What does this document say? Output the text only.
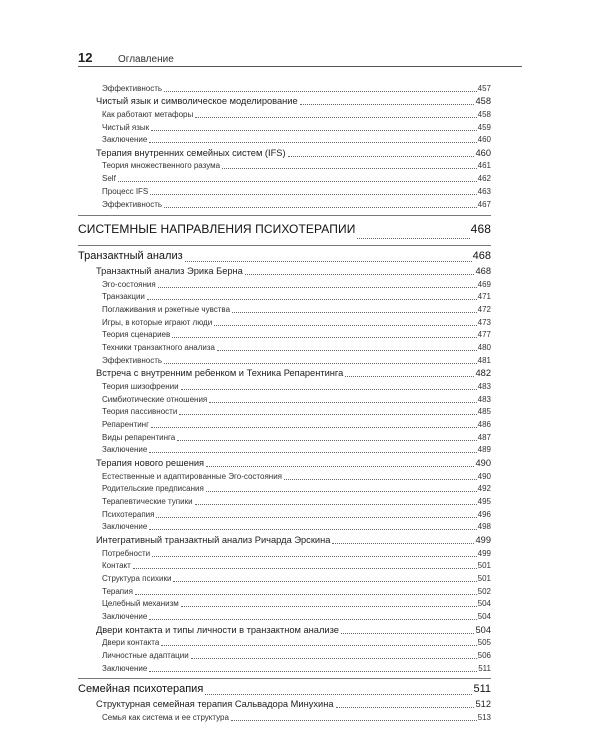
12	Оглавление
Эффективность	457
Чистый язык и символическое моделирование	458
Как работают метафоры	458
Чистый язык	459
Заключение	460
Терапия внутренних семейных систем (IFS)	460
Теория множественного разума	461
Self	462
Процесс IFS	463
Эффективность	467
СИСТЕМНЫЕ НАПРАВЛЕНИЯ ПСИХОТЕРАПИИ	468
Транзактный анализ	468
Транзактный анализ Эрика Берна	468
Эго-состояния	469
Транзакции	471
Поглаживания и рэкетные чувства	472
Игры, в которые играют люди	473
Теория сценариев	477
Техники транзактного анализа	480
Эффективность	481
Встреча с внутренним ребенком и Техника Репарентинга	482
Теория шизофрении	483
Симбиотические отношения	483
Теория пассивности	485
Репарентинг	486
Виды репарентинга	487
Заключение	489
Терапия нового решения	490
Естественные и адаптированные Эго-состояния	490
Родительские предписания	492
Терапевтические тупики	495
Психотерапия	496
Заключение	498
Интегративный транзактный анализ Ричарда Эрскина	499
Потребности	499
Контакт	501
Структура психики	501
Терапия	502
Целебный механизм	504
Заключение	504
Двери контакта и типы личности в транзактном анализе	504
Двери контакта	505
Личностные адаптации	506
Заключение	511
Семейная психотерапия	511
Структурная семейная терапия Сальвадора Минухина	512
Семья как система и ее структура	513
